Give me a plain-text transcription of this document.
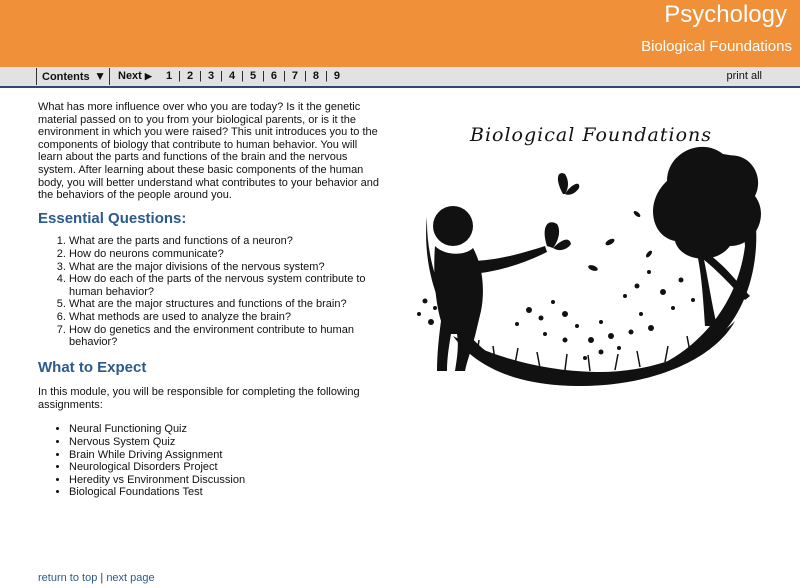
Psychology
Biological Foundations
Contents ▼ Next ▶ 1 | 2 | 3 | 4 | 5 | 6 | 7 | 8 | 9	print all

What has more influence over who you are today? Is it the genetic material passed on to you from your biological parents, or is it the environment in which you were raised? This unit introduces you to the components of biology that contribute to human behavior. You will learn about the parts and functions of the brain and the nervous system. After learning about these basic components of the human body, you will better understand what contributes to your behavior and the behaviors of the people around you.

Essential Questions:
1. What are the parts and functions of a neuron?
2. How do neurons communicate?
3. What are the major divisions of the nervous system?
4. How do each of the parts of the nervous system contribute to human behavior?
5. What are the major structures and functions of the brain?
6. What methods are used to analyze the brain?
7. How do genetics and the environment contribute to human behavior?
What to Expect

In this module, you will be responsible for completing the following assignments:

• Neural Functioning Quiz
• Nervous System Quiz
• Brain While Driving Assignment
• Neurological Disorders Project
• Heredity vs Environment Discussion
• Biological Foundations Test
Biological Foundations
return to top | next page
